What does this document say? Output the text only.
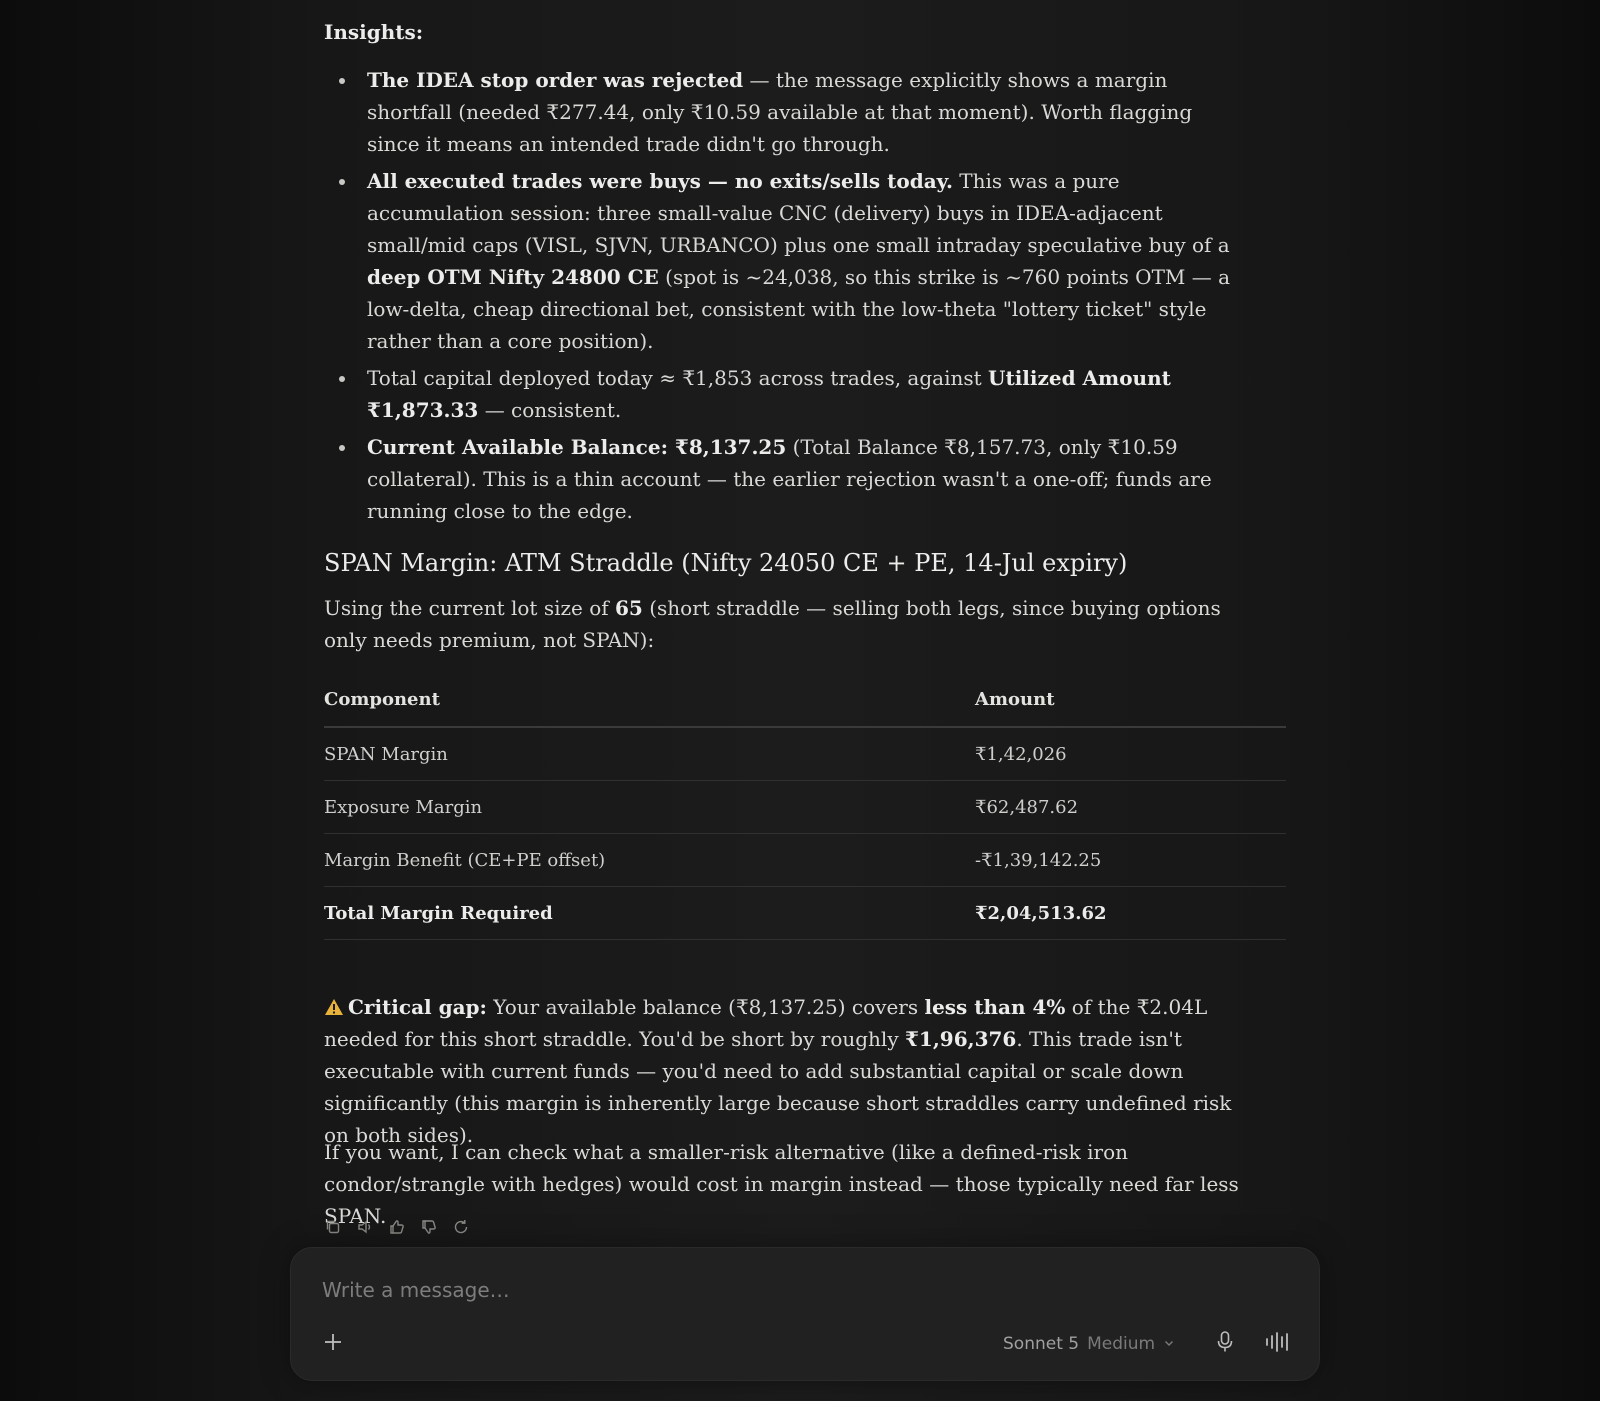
Insights:
The IDEA stop order was rejected — the message explicitly shows a margin shortfall (needed ₹277.44, only ₹10.59 available at that moment). Worth flagging since it means an intended trade didn't go through.
All executed trades were buys — no exits/sells today. This was a pure accumulation session: three small-value CNC (delivery) buys in IDEA-adjacent small/mid caps (VISL, SJVN, URBANCO) plus one small intraday speculative buy of a deep OTM Nifty 24800 CE (spot is ~24,038, so this strike is ~760 points OTM — a low-delta, cheap directional bet, consistent with the low-theta "lottery ticket" style rather than a core position).
Total capital deployed today ≈ ₹1,853 across trades, against Utilized Amount ₹1,873.33 — consistent.
Current Available Balance: ₹8,137.25 (Total Balance ₹8,157.73, only ₹10.59 collateral). This is a thin account — the earlier rejection wasn't a one-off; funds are running close to the edge.
SPAN Margin: ATM Straddle (Nifty 24050 CE + PE, 14-Jul expiry)

Using the current lot size of 65 (short straddle — selling both legs, since buying options only needs premium, not SPAN):

Component	Amount
SPAN Margin	₹1,42,026
Exposure Margin	₹62,487.62
Margin Benefit (CE+PE offset)	-₹1,39,142.25
Total Margin Required	₹2,04,513.62

Critical gap: Your available balance (₹8,137.25) covers less than 4% of the ₹2.04L needed for this short straddle. You'd be short by roughly ₹1,96,376. This trade isn't executable with current funds — you'd need to add substantial capital or scale down significantly (this margin is inherently large because short straddles carry undefined risk on both sides).

If you want, I can check what a smaller-risk alternative (like a defined-risk iron condor/strangle with hedges) would cost in margin instead — those typically need far less SPAN.

Write a message…
Sonnet 5 Medium
